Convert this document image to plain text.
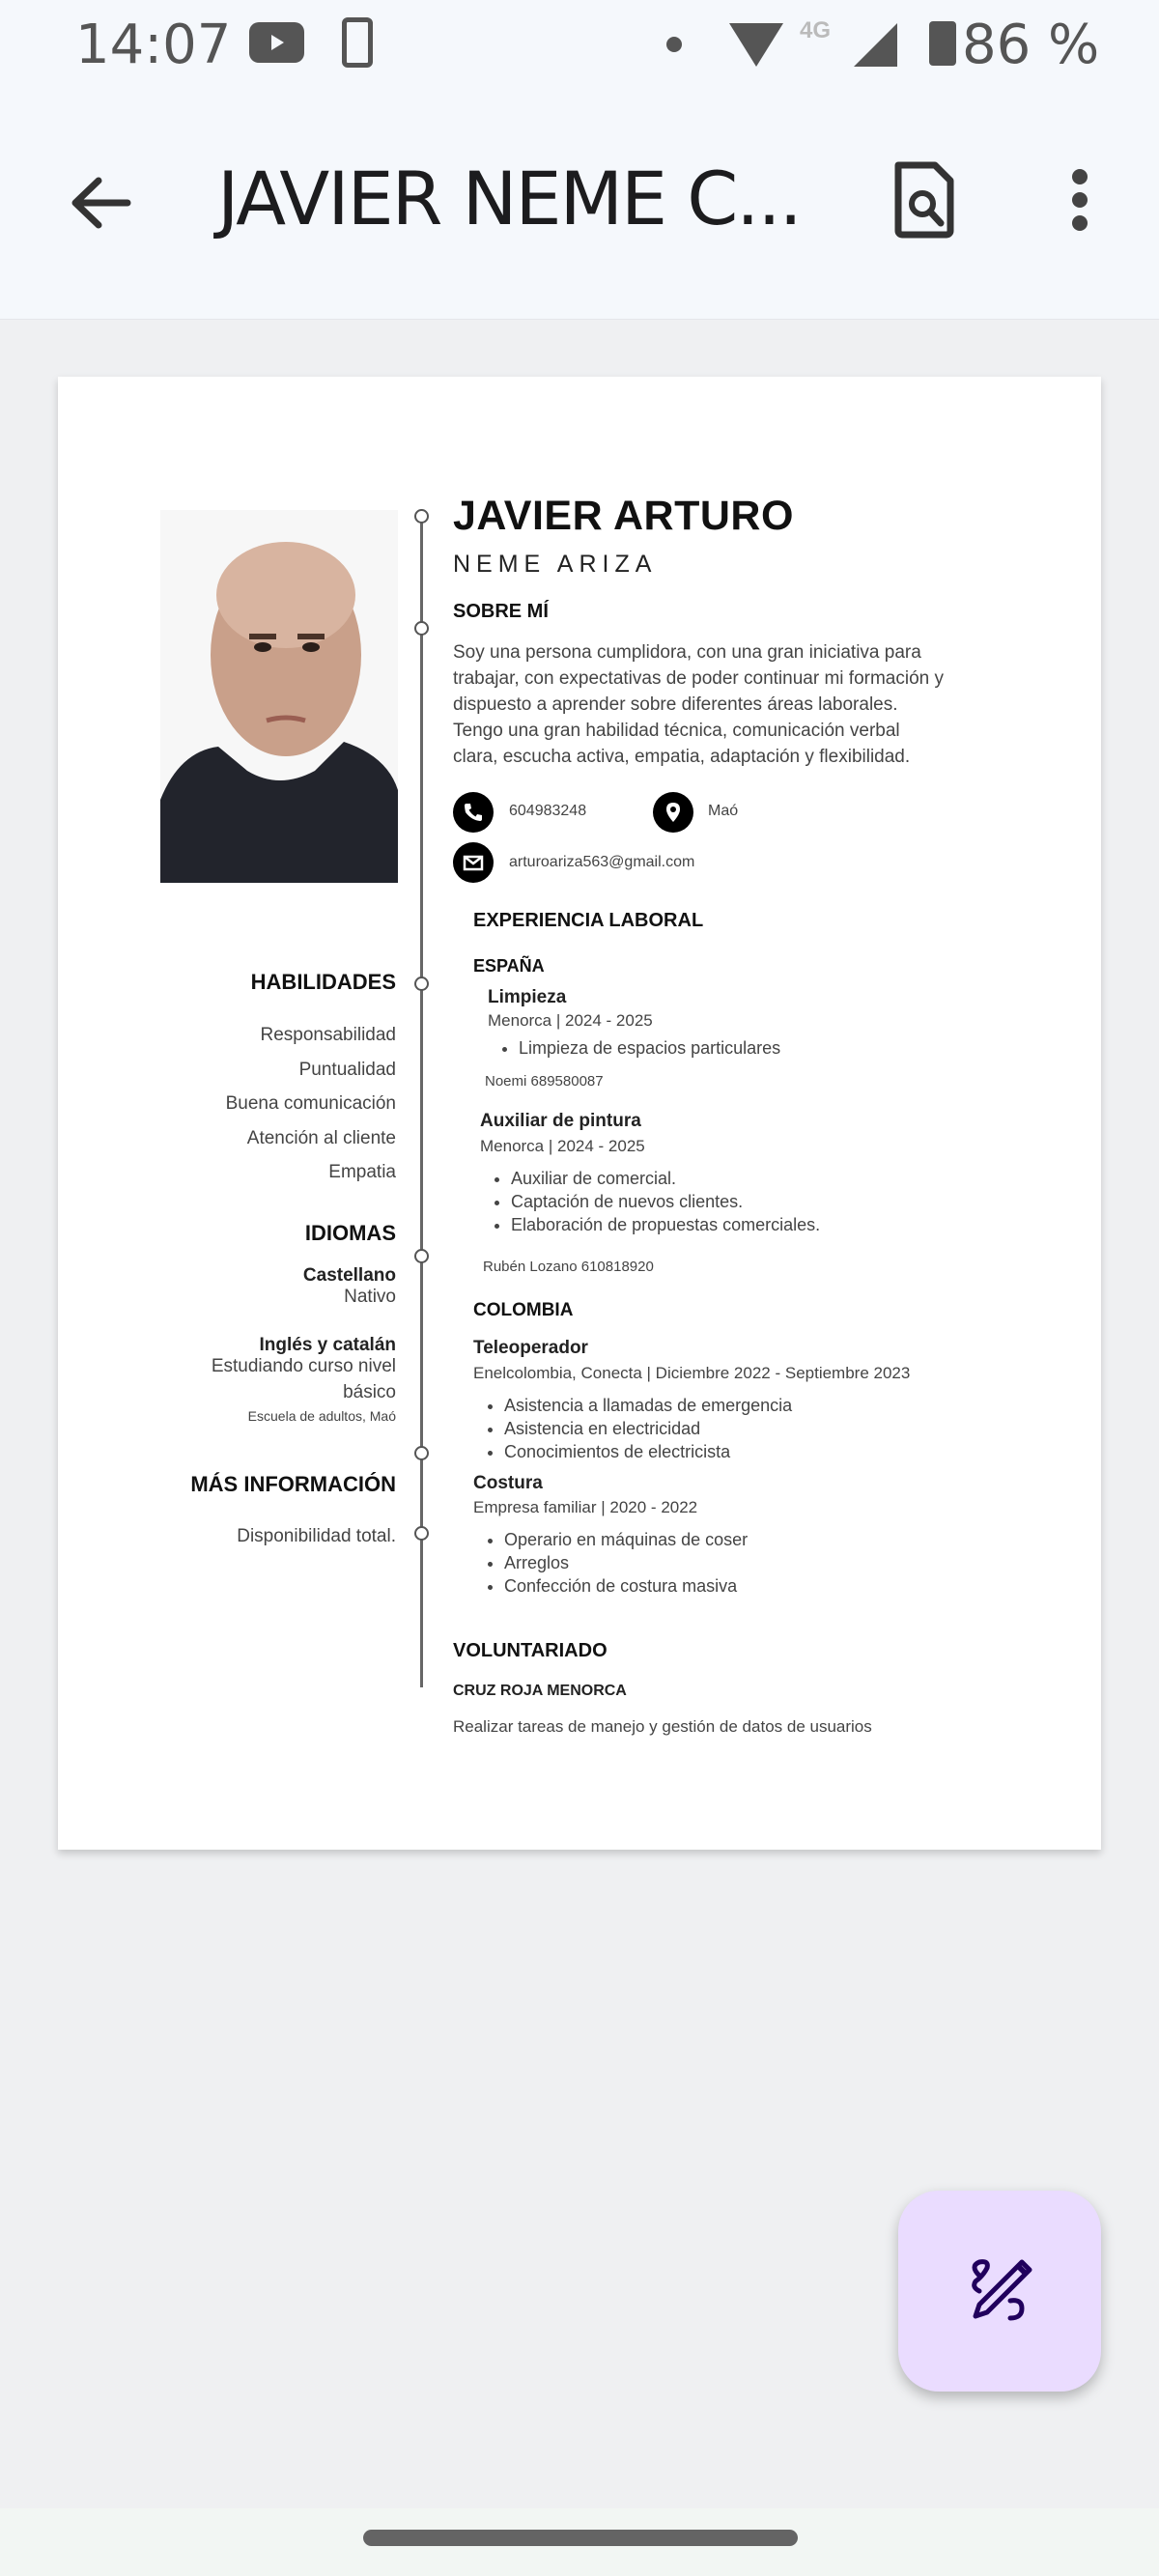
14:07	4G 86 %
JAVIER NEME C...
JAVIER ARTURO
NEME ARIZA
SOBRE MÍ
Soy una persona cumplidora, con una gran iniciativa para
trabajar, con expectativas de poder continuar mi formación y
dispuesto a aprender sobre diferentes áreas laborales.
Tengo una gran habilidad técnica, comunicación verbal
clara, escucha activa, empatia, adaptación y flexibilidad.
604983248	Maó
arturoariza563@gmail.com
HABILIDADES
Responsabilidad
Puntualidad
Buena comunicación
Atención al cliente
Empatia
IDIOMAS
Castellano
Nativo
Inglés y catalán
Estudiando curso nivel
básico
Escuela de adultos, Maó
MÁS INFORMACIÓN
Disponibilidad total.
EXPERIENCIA LABORAL
ESPAÑA
Limpieza
Menorca | 2024 - 2025
• Limpieza de espacios particulares
Noemi 689580087
Auxiliar de pintura
Menorca | 2024 - 2025
• Auxiliar de comercial.
• Captación de nuevos clientes.
• Elaboración de propuestas comerciales.
Rubén Lozano 610818920
COLOMBIA
Teleoperador
Enelcolombia, Conecta | Diciembre 2022 - Septiembre 2023
• Asistencia a llamadas de emergencia
• Asistencia en electricidad
• Conocimientos de electricista
Costura
Empresa familiar | 2020 - 2022
• Operario en máquinas de coser
• Arreglos
• Confección de costura masiva
VOLUNTARIADO
CRUZ ROJA MENORCA
Realizar tareas de manejo y gestión de datos de usuarios
